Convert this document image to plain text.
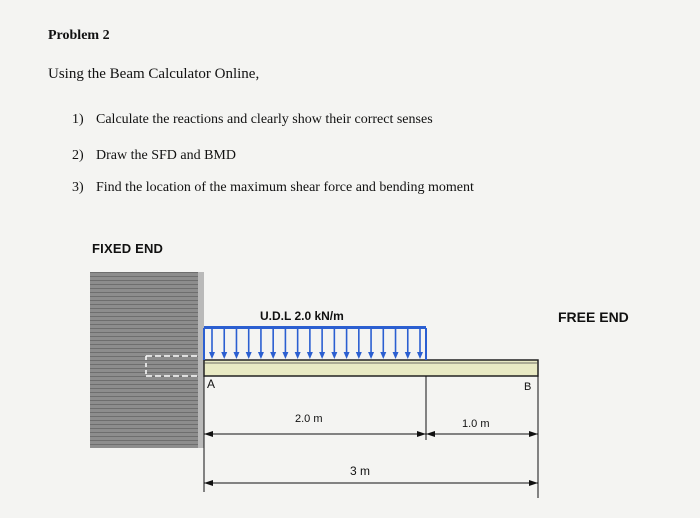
Problem 2
Using the Beam Calculator Online,
1) Calculate the reactions and clearly show their correct senses
2) Draw the SFD and BMD
3) Find the location of the maximum shear force and bending moment
FIXED END
FREE END
U.D.L 2.0 kN/m
A	B
2.0 m	1.0 m
3 m
